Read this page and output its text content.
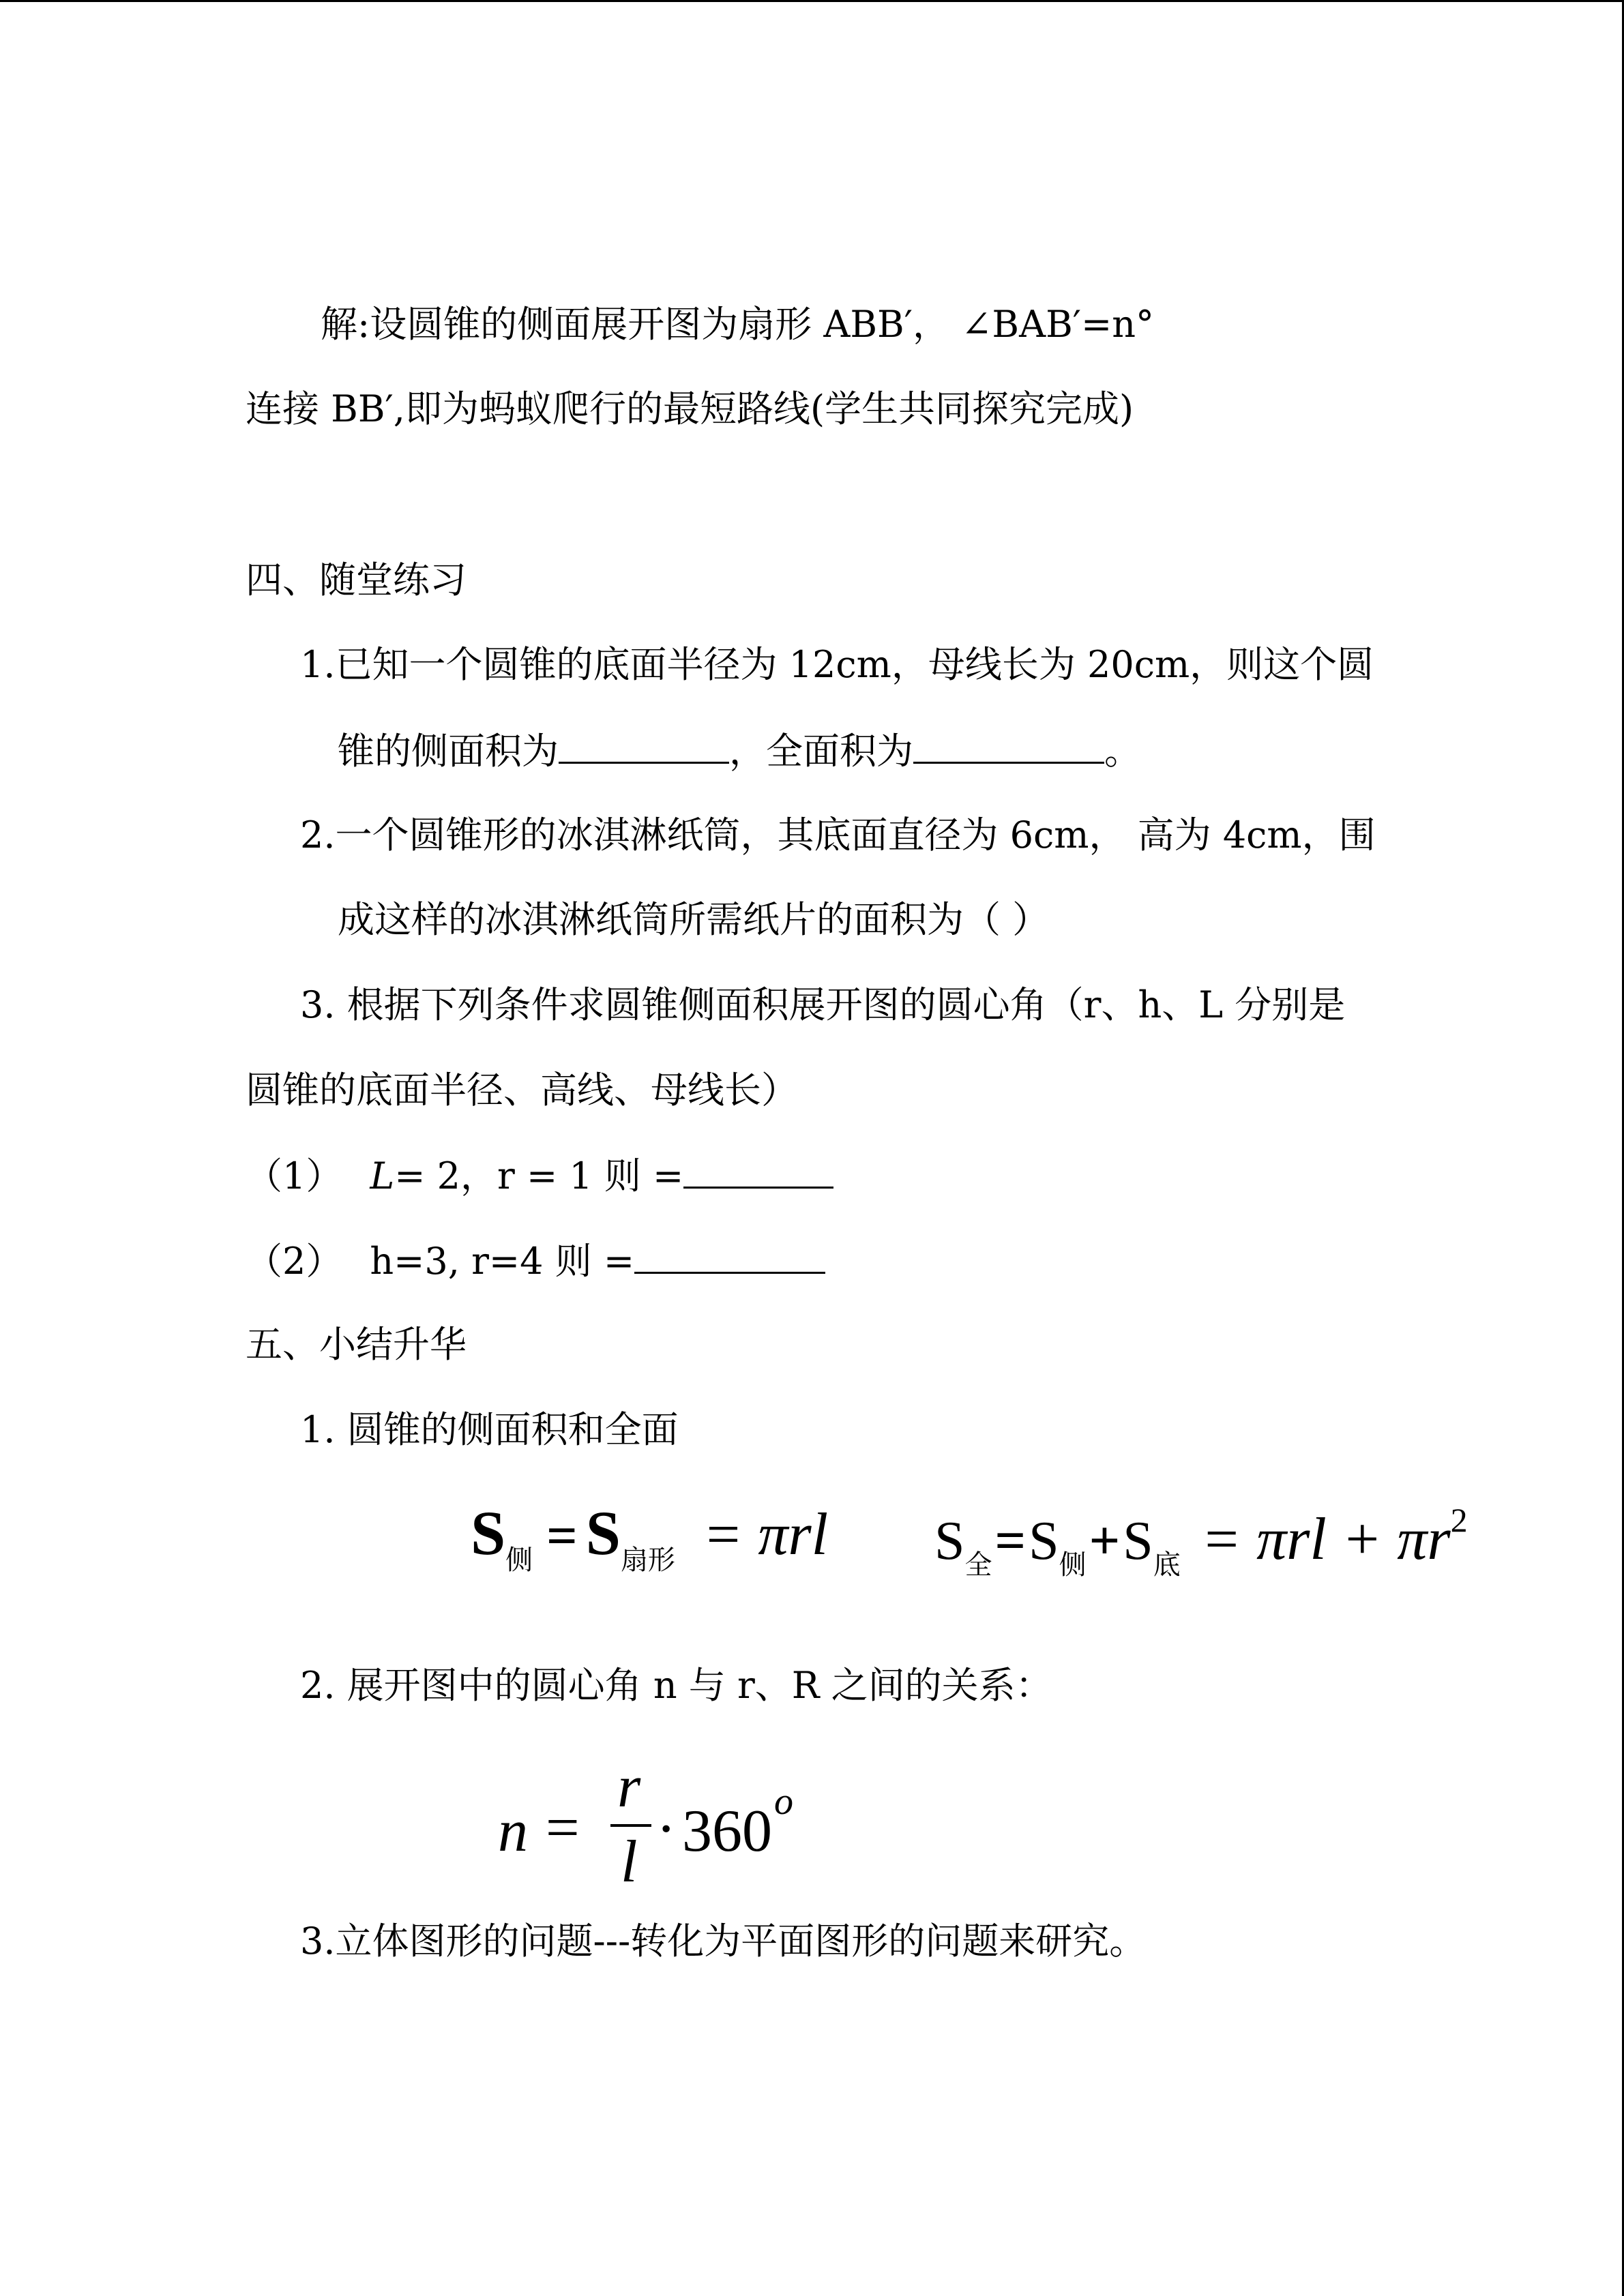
解:设圆锥的侧面展开图为扇形 ABB′， ∠BAB′=n°
连接 BB′,即为蚂蚁爬行的最短路线(学生共同探究完成)
四、随堂练习
1.已知一个圆锥的底面半径为 12cm，母线长为 20cm，则这个圆
锥的侧面积为	，全面积为	。
2.一个圆锥形的冰淇淋纸筒，其底面直径为 6cm， 高为 4cm，围
成这样的冰淇淋纸筒所需纸片的面积为（ ）
3. 根据下列条件求圆锥侧面积展开图的圆心角（r、h、L 分别是
圆锥的底面半径、高线、母线长）
（1） L= 2，r = 1 则 =
（2） h=3, r=4 则 =
五、小结升华
1. 圆锥的侧面积和全面
S侧 = S扇形 = πrl S全=S侧+S底 = πrl + πr2
2. 展开图中的圆心角 n 与 r、R 之间的关系：
n =
r
l · 360 o
3.立体图形的问题---转化为平面图形的问题来研究。
